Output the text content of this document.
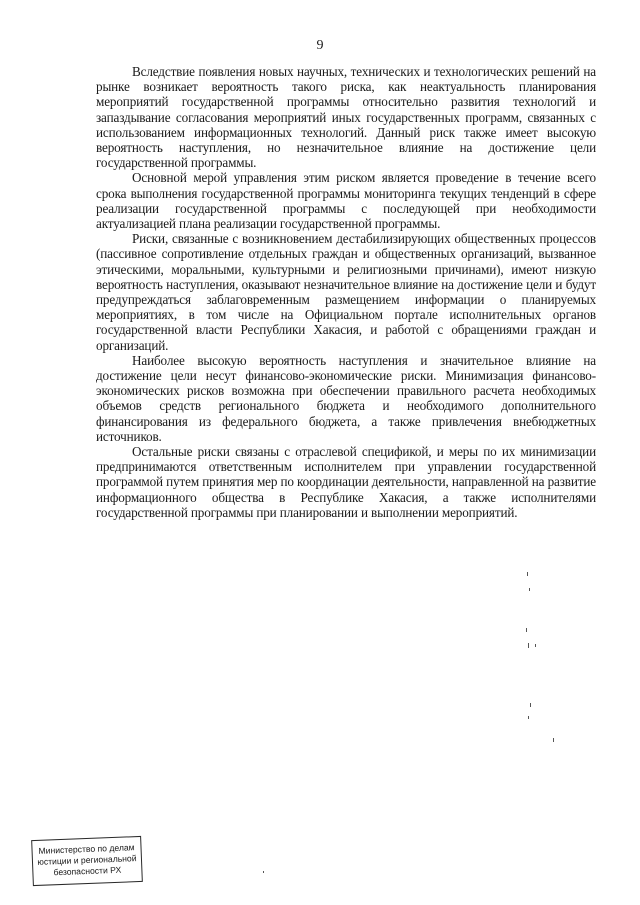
9

Вследствие появления новых научных, технических и технологических решений на рынке возникает вероятность такого риска, как неактуальность планирования мероприятий государственной программы относительно развития технологий и запаздывание согласования мероприятий иных государственных программ, связанных с использованием информационных технологий. Данный риск также имеет высокую вероятность наступления, но незначительное влияние на достижение цели государственной программы.

Основной мерой управления этим риском является проведение в течение всего срока выполнения государственной программы мониторинга текущих тенденций в сфере реализации государственной программы с последующей при необходимости актуализацией плана реализации государственной программы.

Риски, связанные с возникновением дестабилизирующих общественных процессов (пассивное сопротивление отдельных граждан и общественных организаций, вызванное этическими, моральными, культурными и религиозными причинами), имеют низкую вероятность наступления, оказывают незначительное влияние на достижение цели и будут предупреждаться заблаговременным размещением информации о планируемых мероприятиях, в том числе на Официальном портале исполнительных органов государственной власти Республики Хакасия, и работой с обращениями граждан и организаций.

Наиболее высокую вероятность наступления и значительное влияние на достижение цели несут финансово-экономические риски. Минимизация финансово-экономических рисков возможна при обеспечении правильного расчета необходимых объемов средств регионального бюджета и необходимого дополнительного финансирования из федерального бюджета, а также привлечения внебюджетных источников.

Остальные риски связаны с отраслевой спецификой, и меры по их минимизации предпринимаются ответственным исполнителем при управлении государственной программой путем принятия мер по координации деятельности, направленной на развитие информационного общества в Республике Хакасия, а также исполнителями государственной программы при планировании и выполнении мероприятий.

Министерство по делам
юстиции и региональной
безопасности РХ
